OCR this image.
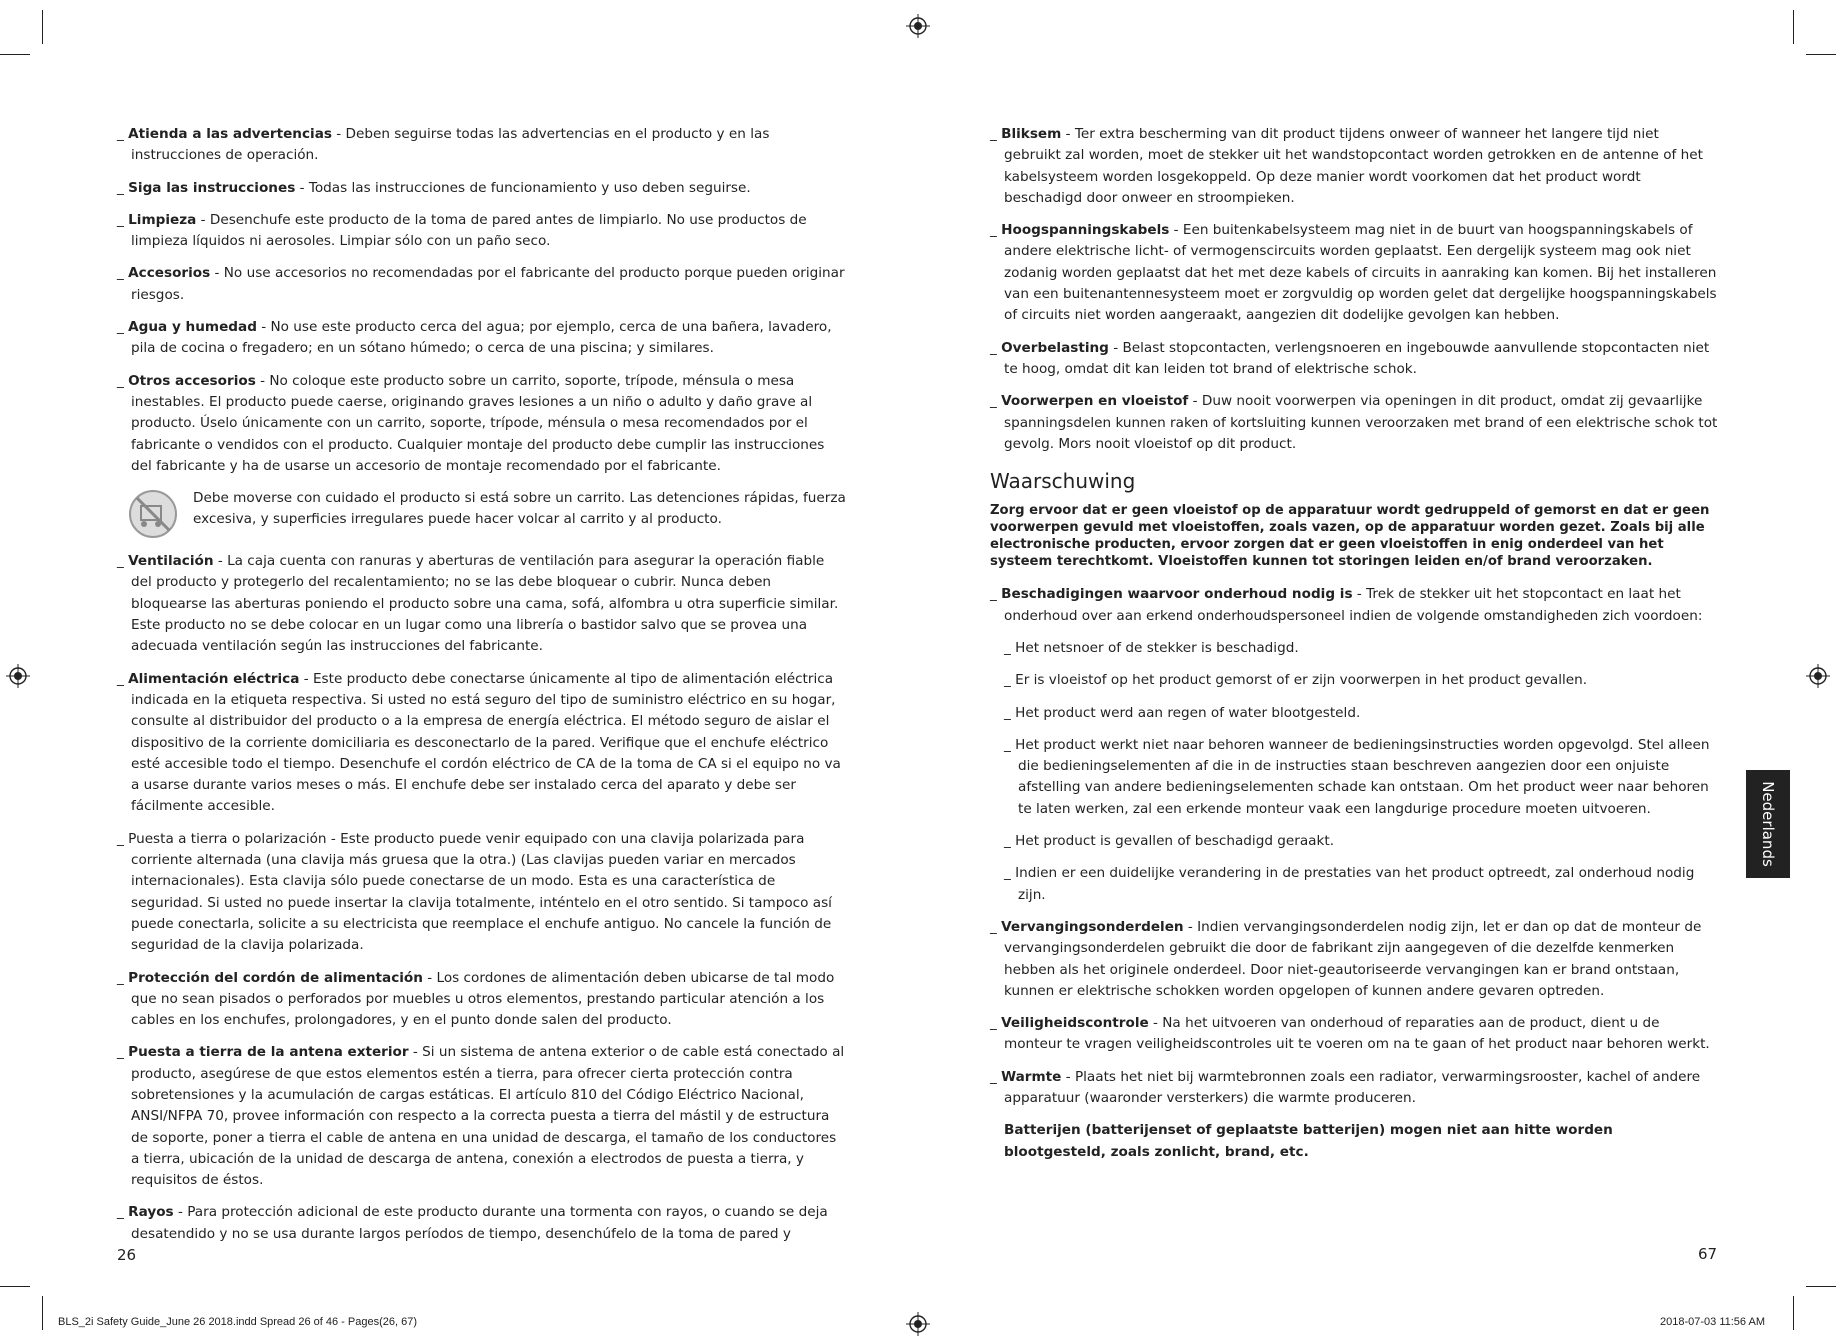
_ Atienda a las advertencias - Deben seguirse todas las advertencias en el producto y en las instrucciones de operación.
_ Siga las instrucciones - Todas las instrucciones de funcionamiento y uso deben seguirse.
_ Limpieza - Desenchufe este producto de la toma de pared antes de limpiarlo. No use productos de limpieza líquidos ni aerosoles. Limpiar sólo con un paño seco.
_ Accesorios - No use accesorios no recomendadas por el fabricante del producto porque pueden originar riesgos.
_ Agua y humedad - No use este producto cerca del agua; por ejemplo, cerca de una bañera, lavadero, pila de cocina o fregadero; en un sótano húmedo; o cerca de una piscina; y similares.
_ Otros accesorios - No coloque este producto sobre un carrito, soporte, trípode, ménsula o mesa inestables. El producto puede caerse, originando graves lesiones a un niño o adulto y daño grave al producto. Úselo únicamente con un carrito, soporte, trípode, ménsula o mesa recomendados por el fabricante o vendidos con el producto. Cualquier montaje del producto debe cumplir las instrucciones del fabricante y ha de usarse un accesorio de montaje recomendado por el fabricante.
Debe moverse con cuidado el producto si está sobre un carrito. Las detenciones rápidas, fuerza excesiva, y superficies irregulares puede hacer volcar al carrito y al producto.
_ Ventilación - La caja cuenta con ranuras y aberturas de ventilación para asegurar la operación fiable del producto y protegerlo del recalentamiento; no se las debe bloquear o cubrir. Nunca deben bloquearse las aberturas poniendo el producto sobre una cama, sofá, alfombra u otra superficie similar. Este producto no se debe colocar en un lugar como una librería o bastidor salvo que se provea una adecuada ventilación según las instrucciones del fabricante.
_ Alimentación eléctrica - Este producto debe conectarse únicamente al tipo de alimentación eléctrica indicada en la etiqueta respectiva. Si usted no está seguro del tipo de suministro eléctrico en su hogar, consulte al distribuidor del producto o a la empresa de energía eléctrica. El método seguro de aislar el dispositivo de la corriente domiciliaria es desconectarlo de la pared. Verifique que el enchufe eléctrico esté accesible todo el tiempo. Desenchufe el cordón eléctrico de CA de la toma de CA si el equipo no va a usarse durante varios meses o más. El enchufe debe ser instalado cerca del aparato y debe ser fácilmente accesible.
_ Puesta a tierra o polarización - Este producto puede venir equipado con una clavija polarizada para corriente alternada (una clavija más gruesa que la otra.) (Las clavijas pueden variar en mercados internacionales). Esta clavija sólo puede conectarse de un modo. Esta es una característica de seguridad. Si usted no puede insertar la clavija totalmente, inténtelo en el otro sentido. Si tampoco así puede conectarla, solicite a su electricista que reemplace el enchufe antiguo. No cancele la función de seguridad de la clavija polarizada.
_ Protección del cordón de alimentación - Los cordones de alimentación deben ubicarse de tal modo que no sean pisados o perforados por muebles u otros elementos, prestando particular atención a los cables en los enchufes, prolongadores, y en el punto donde salen del producto.
_ Puesta a tierra de la antena exterior - Si un sistema de antena exterior o de cable está conectado al producto, asegúrese de que estos elementos estén a tierra, para ofrecer cierta protección contra sobretensiones y la acumulación de cargas estáticas. El artículo 810 del Código Eléctrico Nacional, ANSI/NFPA 70, provee información con respecto a la correcta puesta a tierra del mástil y de estructura de soporte, poner a tierra el cable de antena en una unidad de descarga, el tamaño de los conductores a tierra, ubicación de la unidad de descarga de antena, conexión a electrodos de puesta a tierra, y requisitos de éstos.
_ Rayos - Para protección adicional de este producto durante una tormenta con rayos, o cuando se deja desatendido y no se usa durante largos períodos de tiempo, desenchúfelo de la toma de pared y
26
_ Bliksem - Ter extra bescherming van dit product tijdens onweer of wanneer het langere tijd niet gebruikt zal worden, moet de stekker uit het wandstopcontact worden getrokken en de antenne of het kabelsysteem worden losgekoppeld. Op deze manier wordt voorkomen dat het product wordt beschadigd door onweer en stroompieken.
_ Hoogspanningskabels - Een buitenkabelsysteem mag niet in de buurt van hoogspanningskabels of andere elektrische licht- of vermogenscircuits worden geplaatst. Een dergelijk systeem mag ook niet zodanig worden geplaatst dat het met deze kabels of circuits in aanraking kan komen. Bij het installeren van een buitenantennesysteem moet er zorgvuldig op worden gelet dat dergelijke hoogspanningskabels of circuits niet worden aangeraakt, aangezien dit dodelijke gevolgen kan hebben.
_ Overbelasting - Belast stopcontacten, verlengsnoeren en ingebouwde aanvullende stopcontacten niet te hoog, omdat dit kan leiden tot brand of elektrische schok.
_ Voorwerpen en vloeistof - Duw nooit voorwerpen via openingen in dit product, omdat zij gevaarlijke spanningsdelen kunnen raken of kortsluiting kunnen veroorzaken met brand of een elektrische schok tot gevolg. Mors nooit vloeistof op dit product.
Waarschuwing
Zorg ervoor dat er geen vloeistof op de apparatuur wordt gedruppeld of gemorst en dat er geen voorwerpen gevuld met vloeistoffen, zoals vazen, op de apparatuur worden gezet. Zoals bij alle electronische producten, ervoor zorgen dat er geen vloeistoffen in enig onderdeel van het systeem terechtkomt. Vloeistoffen kunnen tot storingen leiden en/of brand veroorzaken.
_ Beschadigingen waarvoor onderhoud nodig is - Trek de stekker uit het stopcontact en laat het onderhoud over aan erkend onderhoudspersoneel indien de volgende omstandigheden zich voordoen:
_ Het netsnoer of de stekker is beschadigd.
_ Er is vloeistof op het product gemorst of er zijn voorwerpen in het product gevallen.
_ Het product werd aan regen of water blootgesteld.
_ Het product werkt niet naar behoren wanneer de bedieningsinstructies worden opgevolgd. Stel alleen die bedieningselementen af die in de instructies staan beschreven aangezien door een onjuiste afstelling van andere bedieningselementen schade kan ontstaan. Om het product weer naar behoren te laten werken, zal een erkende monteur vaak een langdurige procedure moeten uitvoeren.
_ Het product is gevallen of beschadigd geraakt.
_ Indien er een duidelijke verandering in de prestaties van het product optreedt, zal onderhoud nodig zijn.
_ Vervangingsonderdelen - Indien vervangingsonderdelen nodig zijn, let er dan op dat de monteur de vervangingsonderdelen gebruikt die door de fabrikant zijn aangegeven of die dezelfde kenmerken hebben als het originele onderdeel. Door niet-geautoriseerde vervangingen kan er brand ontstaan, kunnen er elektrische schokken worden opgelopen of kunnen andere gevaren optreden.
_ Veiligheidscontrole - Na het uitvoeren van onderhoud of reparaties aan de product, dient u de monteur te vragen veiligheidscontroles uit te voeren om na te gaan of het product naar behoren werkt.
_ Warmte - Plaats het niet bij warmtebronnen zoals een radiator, verwarmingsrooster, kachel of andere apparatuur (waaronder versterkers) die warmte produceren.
Batterijen (batterijenset of geplaatste batterijen) mogen niet aan hitte worden blootgesteld, zoals zonlicht, brand, etc.
67
Nederlands
BLS_2i Safety Guide_June 26 2018.indd Spread 26 of 46 - Pages(26, 67)	2018-07-03 11:56 AM
